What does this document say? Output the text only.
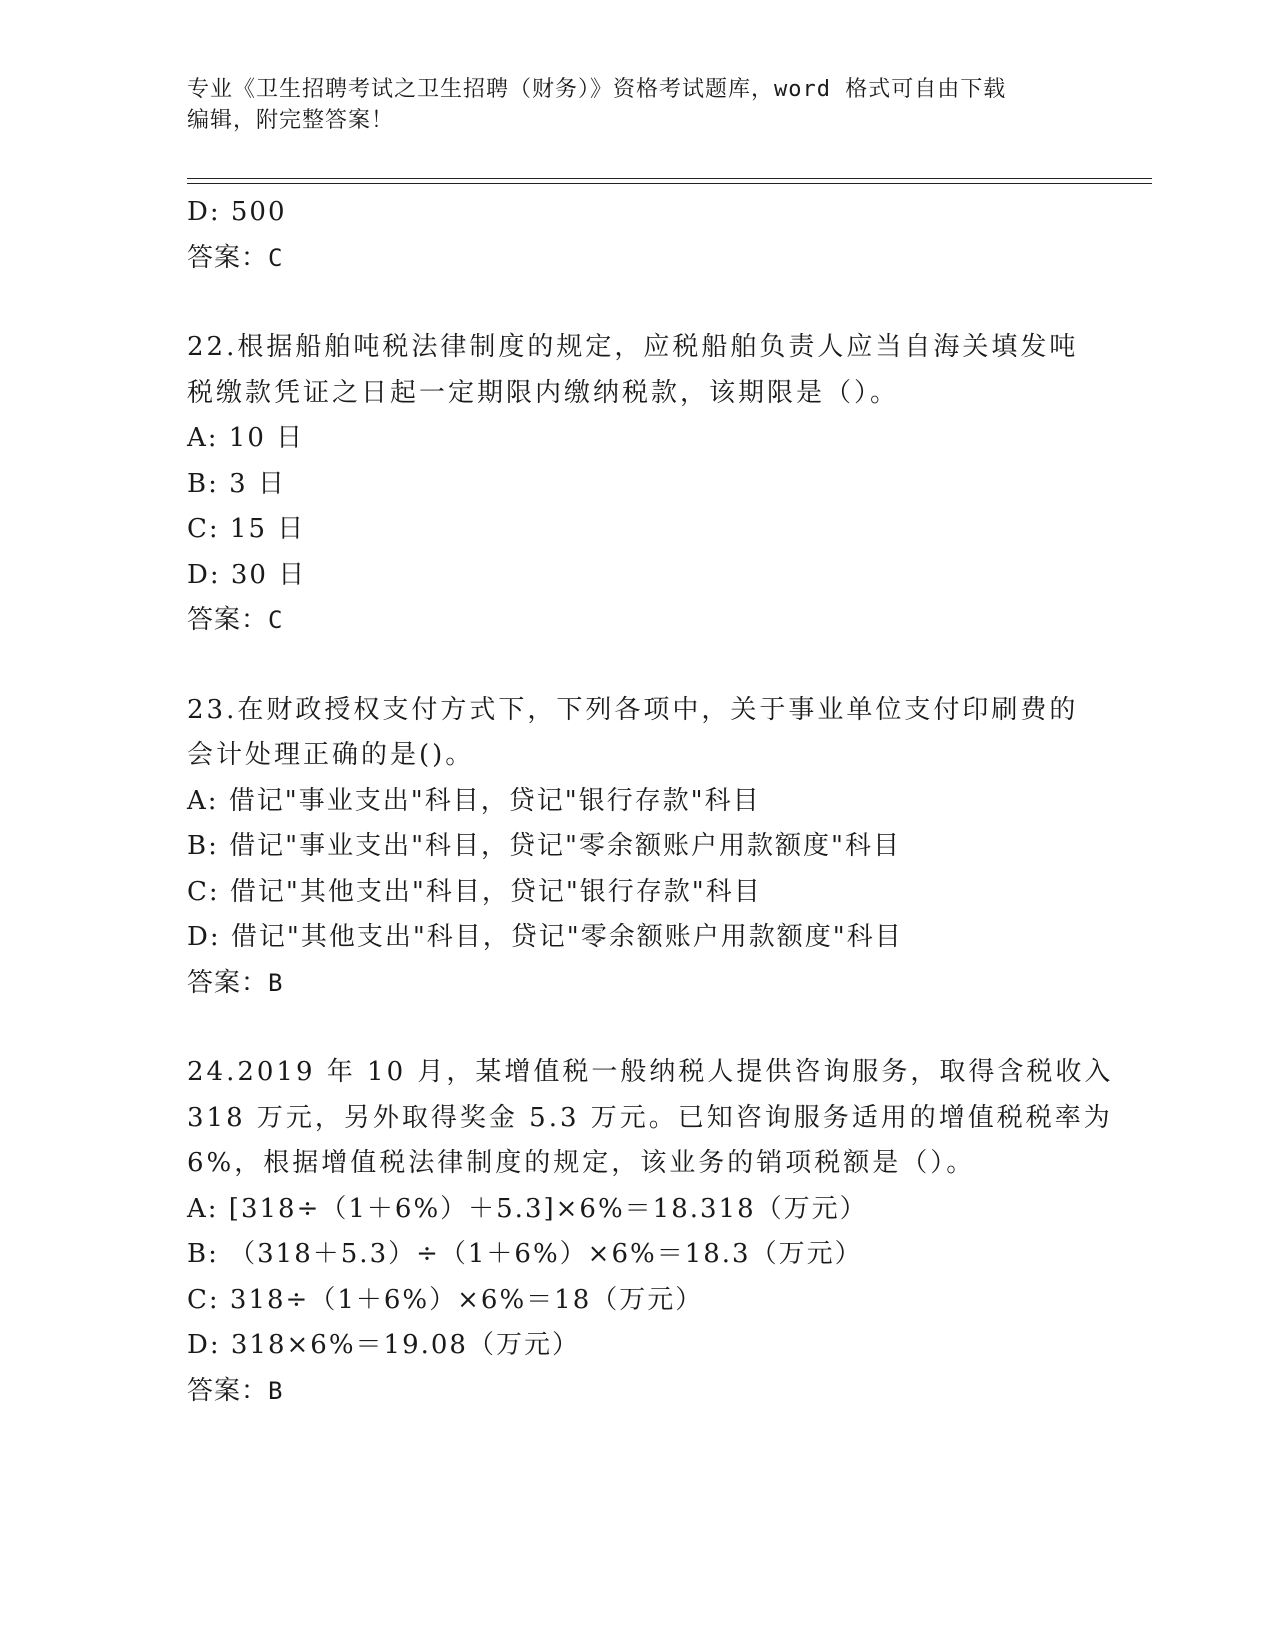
专业《卫生招聘考试之卫生招聘（财务）》资格考试题库，word 格式可自由下载
编辑，附完整答案！
D: 500
答案：C
22.根据船舶吨税法律制度的规定，应税船舶负责人应当自海关填发吨
税缴款凭证之日起一定期限内缴纳税款，该期限是（）。
A: 10 日
B: 3 日
C: 15 日
D: 30 日
答案：C
23.在财政授权支付方式下，下列各项中，关于事业单位支付印刷费的
会计处理正确的是()。
A: 借记"事业支出"科目，贷记"银行存款"科目
B: 借记"事业支出"科目，贷记"零余额账户用款额度"科目
C: 借记"其他支出"科目，贷记"银行存款"科目
D: 借记"其他支出"科目，贷记"零余额账户用款额度"科目
答案：B
24.2019 年 10 月，某增值税一般纳税人提供咨询服务，取得含税收入
318 万元，另外取得奖金 5.3 万元。已知咨询服务适用的增值税税率为
6%，根据增值税法律制度的规定，该业务的销项税额是（）。
A: [318÷（1＋6%）＋5.3]×6%＝18.318（万元）
B: （318＋5.3）÷（1＋6%）×6%＝18.3（万元）
C: 318÷（1＋6%）×6%＝18（万元）
D: 318×6%＝19.08（万元）
答案：B
